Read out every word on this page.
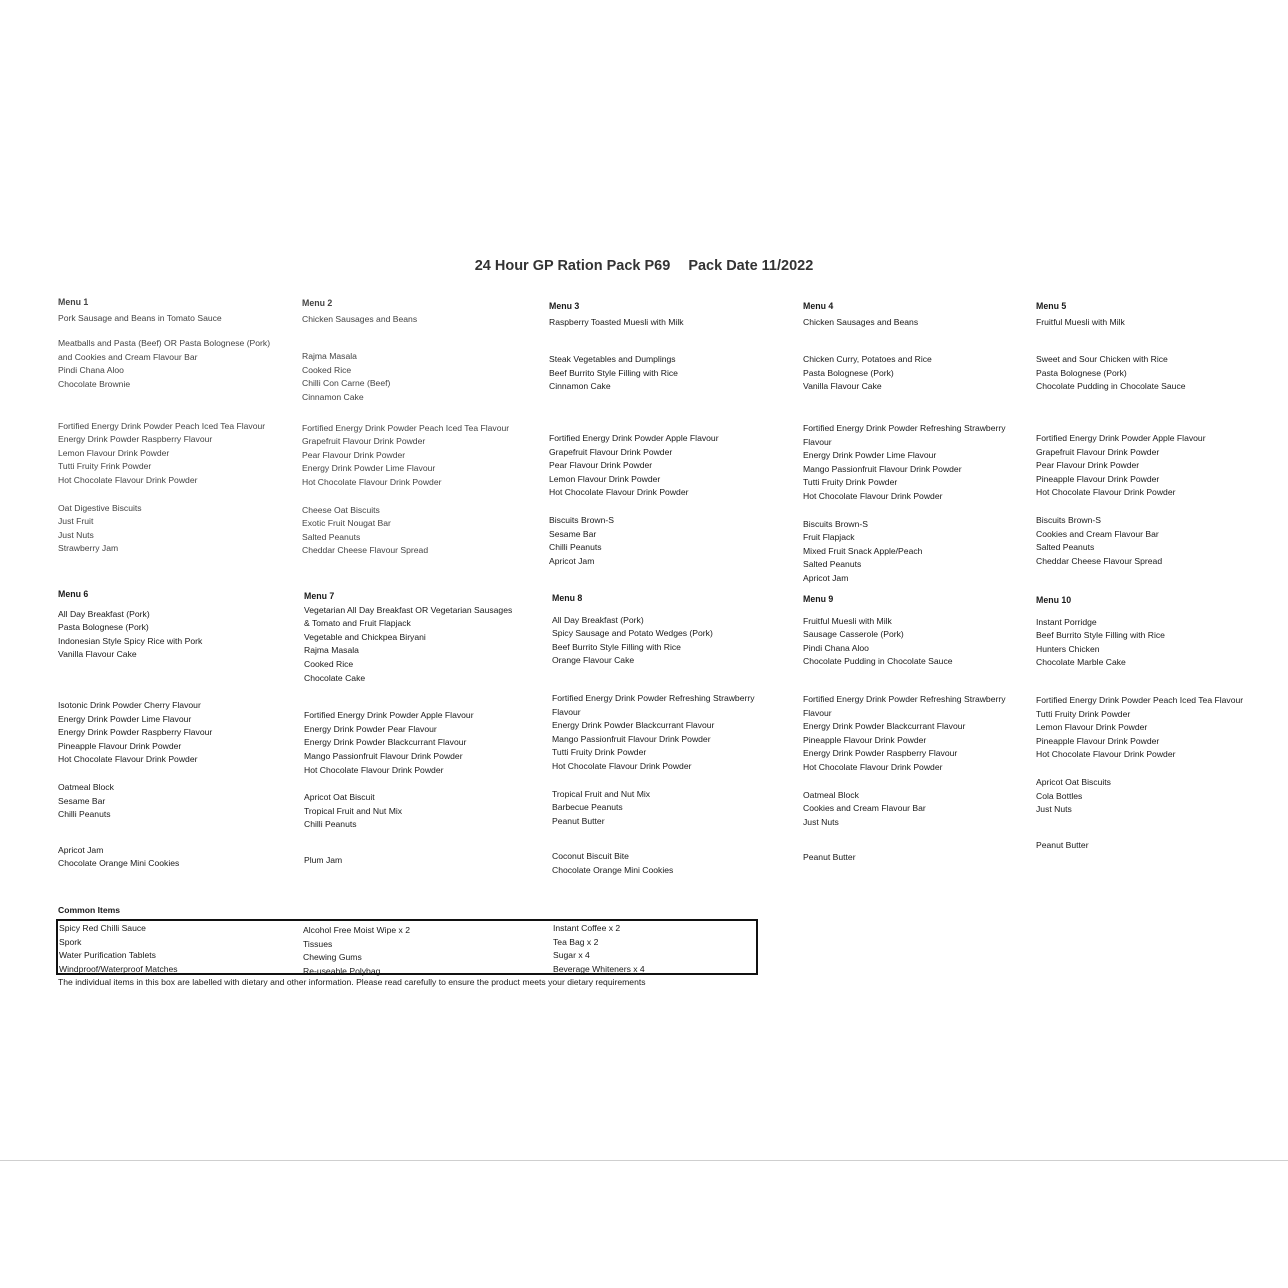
24 Hour GP Ration Pack P69 Pack Date 11/2022
Menu 1
Pork Sausage and Beans in Tomato Sauce
Meatballs and Pasta (Beef) OR Pasta Bolognese (Pork) and Cookies and Cream Flavour Bar
Pindi Chana Aloo
Chocolate Brownie
Fortified Energy Drink Powder Peach Iced Tea Flavour
Energy Drink Powder Raspberry Flavour
Lemon Flavour Drink Powder
Tutti Fruity Frink Powder
Hot Chocolate Flavour Drink Powder
Oat Digestive Biscuits
Just Fruit
Just Nuts
Strawberry Jam
Menu 2
Chicken Sausages and Beans
Rajma Masala
Cooked Rice
Chilli Con Carne (Beef)
Cinnamon Cake
Fortified Energy Drink Powder Peach Iced Tea Flavour
Grapefruit Flavour Drink Powder
Pear Flavour Drink Powder
Energy Drink Powder Lime Flavour
Hot Chocolate Flavour Drink Powder
Cheese Oat Biscuits
Exotic Fruit Nougat Bar
Salted Peanuts
Cheddar Cheese Flavour Spread
Menu 3
Raspberry Toasted Muesli with Milk
Steak Vegetables and Dumplings
Beef Burrito Style Filling with Rice
Cinnamon Cake
Fortified Energy Drink Powder Apple Flavour
Grapefruit Flavour Drink Powder
Pear Flavour Drink Powder
Lemon Flavour Drink Powder
Hot Chocolate Flavour Drink Powder
Biscuits Brown-S
Sesame Bar
Chilli Peanuts
Apricot Jam
Menu 4
Chicken Sausages and Beans
Chicken Curry, Potatoes and Rice
Pasta Bolognese (Pork)
Vanilla Flavour Cake
Fortified Energy Drink Powder Refreshing Strawberry Flavour
Energy Drink Powder Lime Flavour
Mango Passionfruit Flavour Drink Powder
Tutti Fruity Drink Powder
Hot Chocolate Flavour Drink Powder
Biscuits Brown-S
Fruit Flapjack
Mixed Fruit Snack Apple/Peach
Salted Peanuts
Apricot Jam
Menu 5
Fruitful Muesli with Milk
Sweet and Sour Chicken with Rice
Pasta Bolognese (Pork)
Chocolate Pudding in Chocolate Sauce
Fortified Energy Drink Powder Apple Flavour
Grapefruit Flavour Drink Powder
Pear Flavour Drink Powder
Pineapple Flavour Drink Powder
Hot Chocolate Flavour Drink Powder
Biscuits Brown-S
Cookies and Cream Flavour Bar
Salted Peanuts
Cheddar Cheese Flavour Spread
Menu 6
All Day Breakfast (Pork)
Pasta Bolognese (Pork)
Indonesian Style Spicy Rice with Pork
Vanilla Flavour Cake
Isotonic Drink Powder Cherry Flavour
Energy Drink Powder Lime Flavour
Energy Drink Powder Raspberry Flavour
Pineapple Flavour Drink Powder
Hot Chocolate Flavour Drink Powder
Oatmeal Block
Sesame Bar
Chilli Peanuts
Apricot Jam
Chocolate Orange Mini Cookies
Menu 7
Vegetarian All Day Breakfast OR Vegetarian Sausages & Tomato and Fruit Flapjack
Vegetable and Chickpea Biryani
Rajma Masala
Cooked Rice
Chocolate Cake
Fortified Energy Drink Powder Apple Flavour
Energy Drink Powder Pear Flavour
Energy Drink Powder Blackcurrant Flavour
Mango Passionfruit Flavour Drink Powder
Hot Chocolate Flavour Drink Powder
Apricot Oat Biscuit
Tropical Fruit and Nut Mix
Chilli Peanuts
Plum Jam
Menu 8
All Day Breakfast (Pork)
Spicy Sausage and Potato Wedges (Pork)
Beef Burrito Style Filling with Rice
Orange Flavour Cake
Fortified Energy Drink Powder Refreshing Strawberry Flavour
Energy Drink Powder Blackcurrant Flavour
Mango Passionfruit Flavour Drink Powder
Tutti Fruity Drink Powder
Hot Chocolate Flavour Drink Powder
Tropical Fruit and Nut Mix
Barbecue Peanuts
Peanut Butter
Coconut Biscuit Bite
Chocolate Orange Mini Cookies
Menu 9
Fruitful Muesli with Milk
Sausage Casserole (Pork)
Pindi Chana Aloo
Chocolate Pudding in Chocolate Sauce
Fortified Energy Drink Powder Refreshing Strawberry Flavour
Energy Drink Powder Blackcurrant Flavour
Pineapple Flavour Drink Powder
Energy Drink Powder Raspberry Flavour
Hot Chocolate Flavour Drink Powder
Oatmeal Block
Cookies and Cream Flavour Bar
Just Nuts
Peanut Butter
Menu 10
Instant Porridge
Beef Burrito Style Filling with Rice
Hunters Chicken
Chocolate Marble Cake
Fortified Energy Drink Powder Peach Iced Tea Flavour
Tutti Fruity Drink Powder
Lemon Flavour Drink Powder
Pineapple Flavour Drink Powder
Hot Chocolate Flavour Drink Powder
Apricot Oat Biscuits
Cola Bottles
Just Nuts
Peanut Butter
Common Items
Spicy Red Chilli Sauce
Spork
Water Purification Tablets
Windproof/Waterproof Matches
Alcohol Free Moist Wipe x 2
Tissues
Chewing Gums
Re-useable Polybag
Instant Coffee x 2
Tea Bag x 2
Sugar x 4
Beverage Whiteners x 4
The individual items in this box are labelled with dietary and other information. Please read carefully to ensure the product meets your dietary requirements
